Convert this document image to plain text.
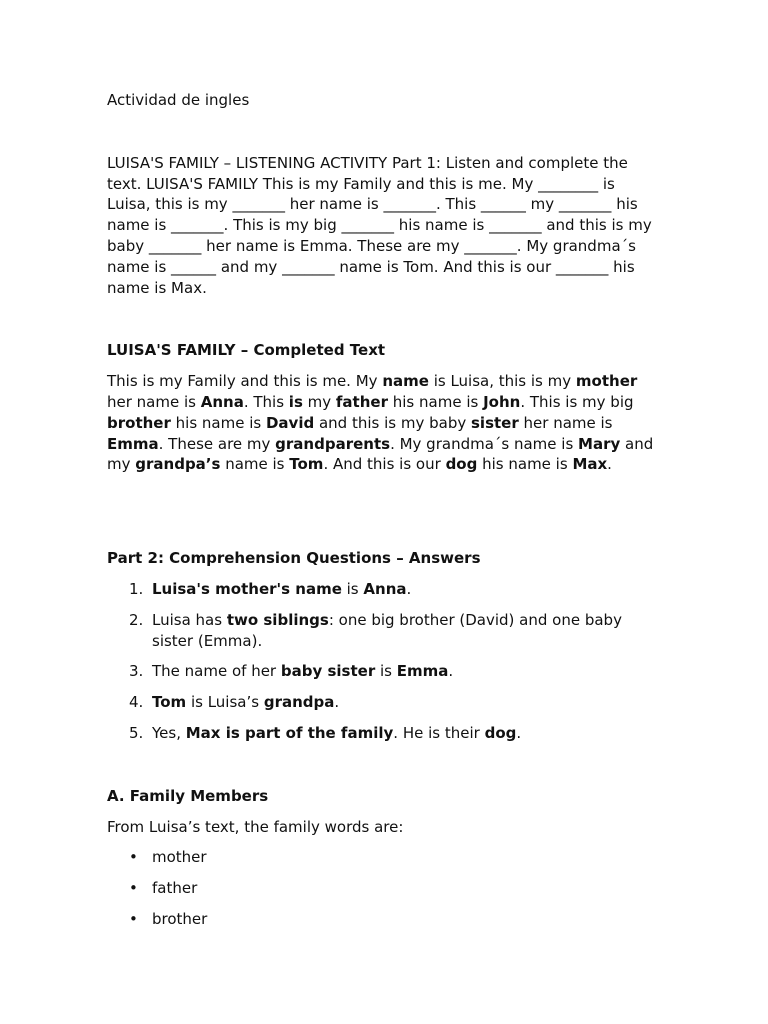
Actividad de ingles

LUISA'S FAMILY – LISTENING ACTIVITY Part 1: Listen and complete the text. LUISA'S FAMILY This is my Family and this is me. My ________ is Luisa, this is my _______ her name is _______. This ______ my _______ his name is _______. This is my big _______ his name is _______ and this is my baby _______ her name is Emma. These are my _______. My grandma´s name is ______ and my _______ name is Tom. And this is our _______ his name is Max.

LUISA'S FAMILY – Completed Text

This is my Family and this is me. My name is Luisa, this is my mother her name is Anna. This is my father his name is John. This is my big brother his name is David and this is my baby sister her name is Emma. These are my grandparents. My grandma´s name is Mary and my grandpa’s name is Tom. And this is our dog his name is Max.

Part 2: Comprehension Questions – Answers

1. Luisa's mother's name is Anna.
2. Luisa has two siblings: one big brother (David) and one baby sister (Emma).
3. The name of her baby sister is Emma.
4. Tom is Luisa’s grandpa.
5. Yes, Max is part of the family. He is their dog.

A. Family Members

From Luisa’s text, the family words are:

• mother
• father
• brother
